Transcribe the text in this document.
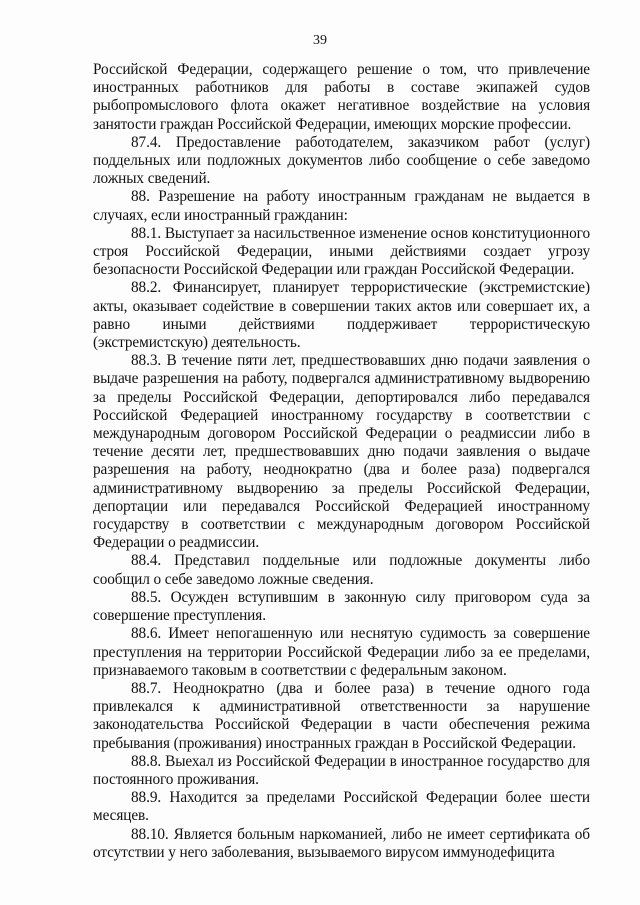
39

Российской Федерации, содержащего решение о том, что привлечение иностранных работников для работы в составе экипажей судов рыбопромыслового флота окажет негативное воздействие на условия занятости граждан Российской Федерации, имеющих морские профессии.

87.4. Предоставление работодателем, заказчиком работ (услуг) поддельных или подложных документов либо сообщение о себе заведомо ложных сведений.

88. Разрешение на работу иностранным гражданам не выдается в случаях, если иностранный гражданин:

88.1. Выступает за насильственное изменение основ конституционного строя Российской Федерации, иными действиями создает угрозу безопасности Российской Федерации или граждан Российской Федерации.

88.2. Финансирует, планирует террористические (экстремистские) акты, оказывает содействие в совершении таких актов или совершает их, а равно иными действиями поддерживает террористическую (экстремистскую) деятельность.

88.3. В течение пяти лет, предшествовавших дню подачи заявления о выдаче разрешения на работу, подвергался административному выдворению за пределы Российской Федерации, депортировался либо передавался Российской Федерацией иностранному государству в соответствии с международным договором Российской Федерации о реадмиссии либо в течение десяти лет, предшествовавших дню подачи заявления о выдаче разрешения на работу, неоднократно (два и более раза) подвергался административному выдворению за пределы Российской Федерации, депортации или передавался Российской Федерацией иностранному государству в соответствии с международным договором Российской Федерации о реадмиссии.

88.4. Представил поддельные или подложные документы либо сообщил о себе заведомо ложные сведения.

88.5. Осужден вступившим в законную силу приговором суда за совершение преступления.

88.6. Имеет непогашенную или неснятую судимость за совершение преступления на территории Российской Федерации либо за ее пределами, признаваемого таковым в соответствии с федеральным законом.

88.7. Неоднократно (два и более раза) в течение одного года привлекался к административной ответственности за нарушение законодательства Российской Федерации в части обеспечения режима пребывания (проживания) иностранных граждан в Российской Федерации.

88.8. Выехал из Российской Федерации в иностранное государство для постоянного проживания.

88.9. Находится за пределами Российской Федерации более шести месяцев.

88.10. Является больным наркоманией, либо не имеет сертификата об отсутствии у него заболевания, вызываемого вирусом иммунодефицита
